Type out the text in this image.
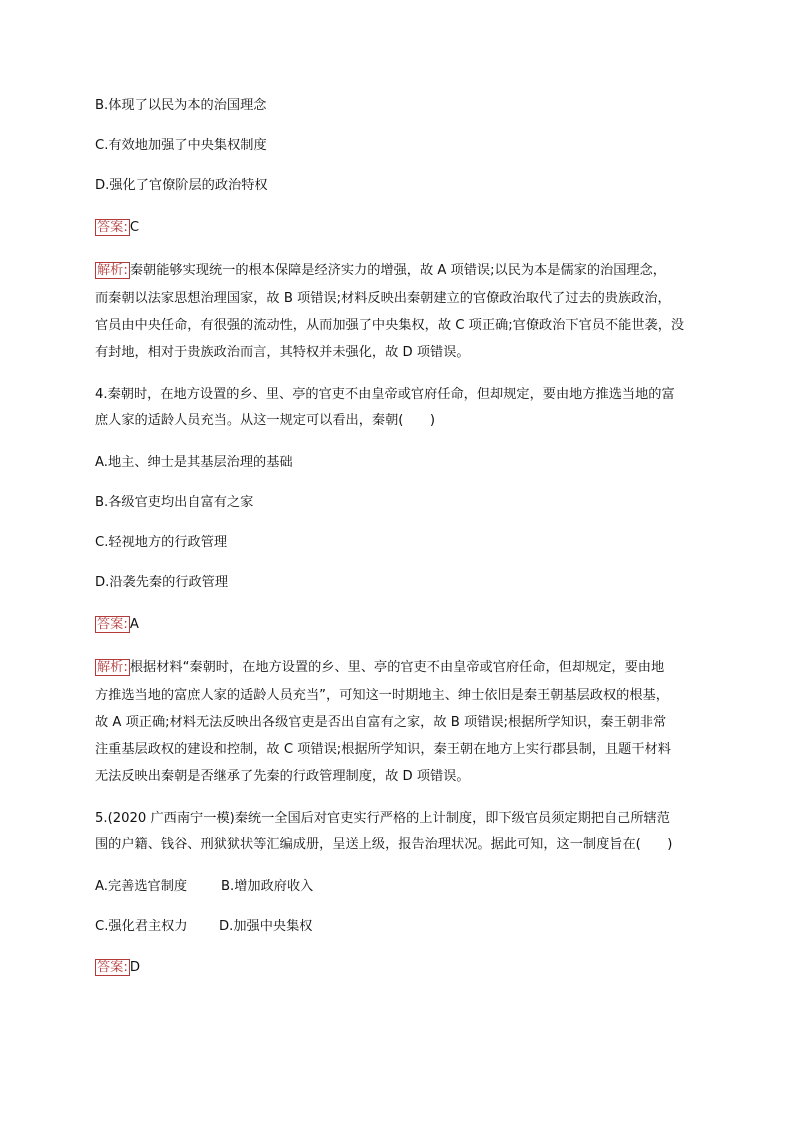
B.体现了以民为本的治国理念
C.有效地加强了中央集权制度
D.强化了官僚阶层的政治特权
答案: C
解析: 秦朝能够实现统一的根本保障是经济实力的增强，故 A 项错误;以民为本是儒家的治国理念，
而秦朝以法家思想治理国家，故 B 项错误;材料反映出秦朝建立的官僚政治取代了过去的贵族政治，
官员由中央任命，有很强的流动性，从而加强了中央集权，故 C 项正确;官僚政治下官员不能世袭，没
有封地，相对于贵族政治而言，其特权并未强化，故 D 项错误。
4.秦朝时，在地方设置的乡、里、亭的官吏不由皇帝或官府任命，但却规定，要由地方推选当地的富
庶人家的适龄人员充当。从这一规定可以看出，秦朝(　　)
A.地主、绅士是其基层治理的基础
B.各级官吏均出自富有之家
C.轻视地方的行政管理
D.沿袭先秦的行政管理
答案: A
解析: 根据材料“秦朝时，在地方设置的乡、里、亭的官吏不由皇帝或官府任命，但却规定，要由地
方推选当地的富庶人家的适龄人员充当”，可知这一时期地主、绅士依旧是秦王朝基层政权的根基，
故 A 项正确;材料无法反映出各级官吏是否出自富有之家，故 B 项错误;根据所学知识，秦王朝非常
注重基层政权的建设和控制，故 C 项错误;根据所学知识，秦王朝在地方上实行郡县制，且题干材料
无法反映出秦朝是否继承了先秦的行政管理制度，故 D 项错误。
5.(2020 广西南宁一模)秦统一全国后对官吏实行严格的上计制度，即下级官员须定期把自己所辖范
围的户籍、钱谷、刑狱狱状等汇编成册，呈送上级，报告治理状况。据此可知，这一制度旨在(　　)
A.完善选官制度	B.增加政府收入
C.强化君主权力 D.加强中央集权
答案: D
